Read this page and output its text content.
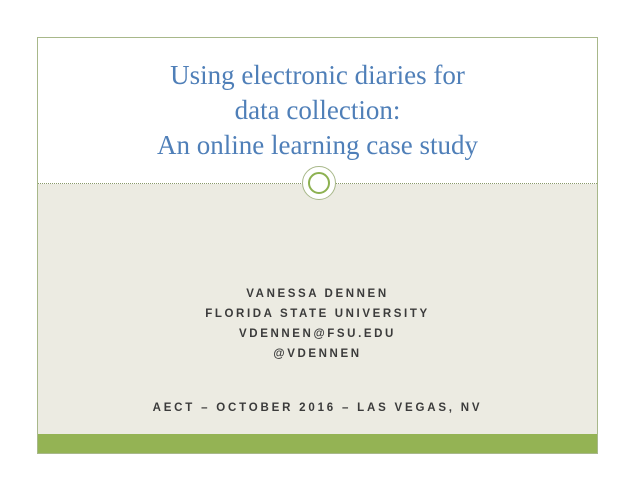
Using electronic diaries for
data collection:
An online learning case study
VANESSA DENNEN
FLORIDA STATE UNIVERSITY
VDENNEN@FSU.EDU
@VDENNEN
AECT – OCTOBER 2016 – LAS VEGAS, NV
